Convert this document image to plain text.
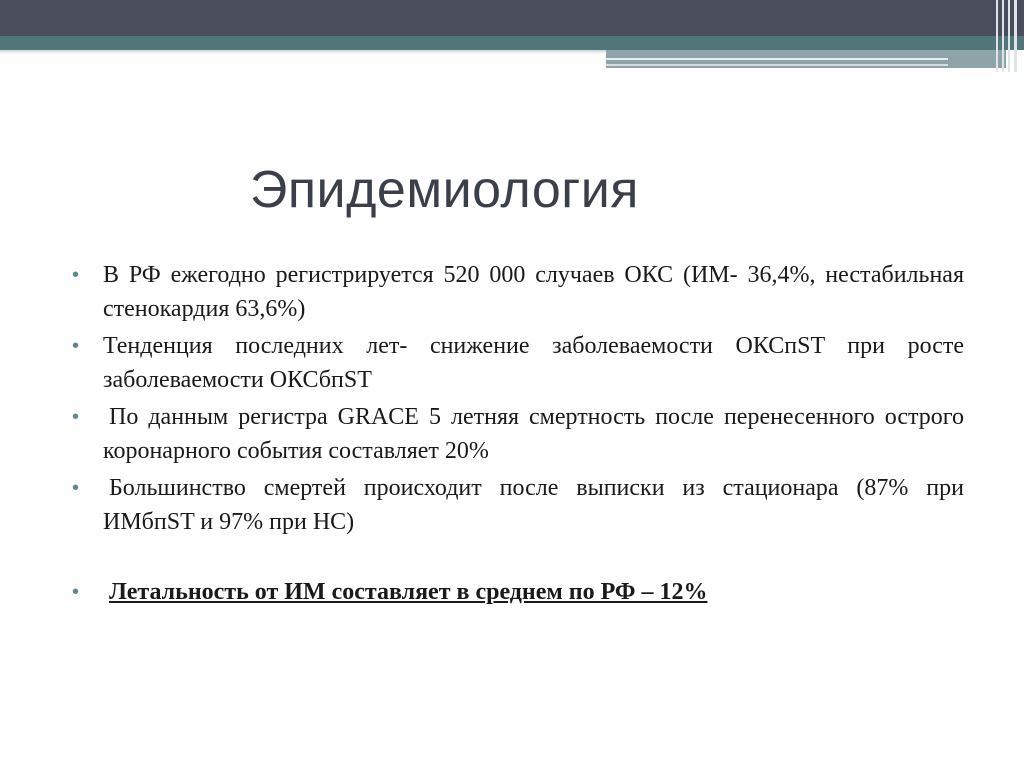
Эпидемиология
• В РФ ежегодно регистрируется 520 000 случаев ОКС (ИМ- 36,4%, нестабильная стенокардия 63,6%)
• Тенденция последних лет- снижение заболеваемости ОКСпST при росте заболеваемости ОКСбпST
• По данным регистра GRACE 5 летняя смертность после перенесенного острого коронарного события составляет 20%
• Большинство смертей происходит после выписки из стационара (87% при ИМбпST и 97% при НС)
• Летальность от ИМ составляет в среднем по РФ – 12%
